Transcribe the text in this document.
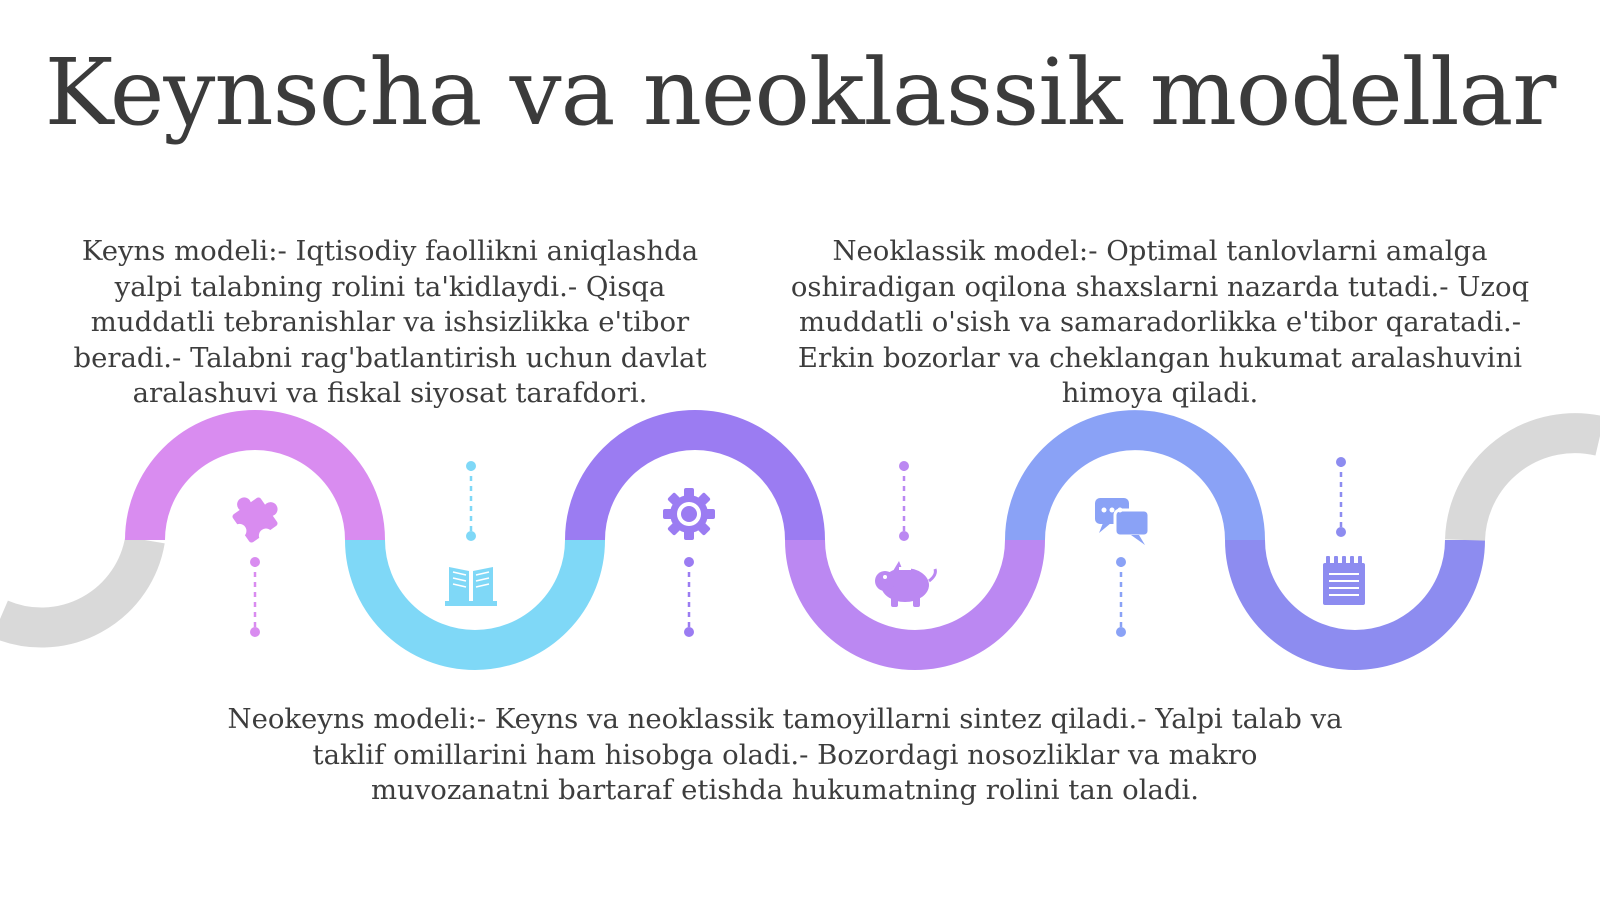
Keynscha va neoklassik modellar
Keyns modeli:- Iqtisodiy faollikni aniqlashda yalpi talabning rolini ta'kidlaydi.- Qisqa muddatli tebranishlar va ishsizlikka e'tibor beradi.- Talabni rag'batlantirish uchun davlat aralashuvi va fiskal siyosat tarafdori.
Neoklassik model:- Optimal tanlovlarni amalga oshiradigan oqilona shaxslarni nazarda tutadi.- Uzoq muddatli o'sish va samaradorlikka e'tibor qaratadi.- Erkin bozorlar va cheklangan hukumat aralashuvini himoya qiladi.
Neokeyns modeli:- Keyns va neoklassik tamoyillarni sintez qiladi.- Yalpi talab va taklif omillarini ham hisobga oladi.- Bozordagi nosozliklar va makro muvozanatni bartaraf etishda hukumatning rolini tan oladi.
